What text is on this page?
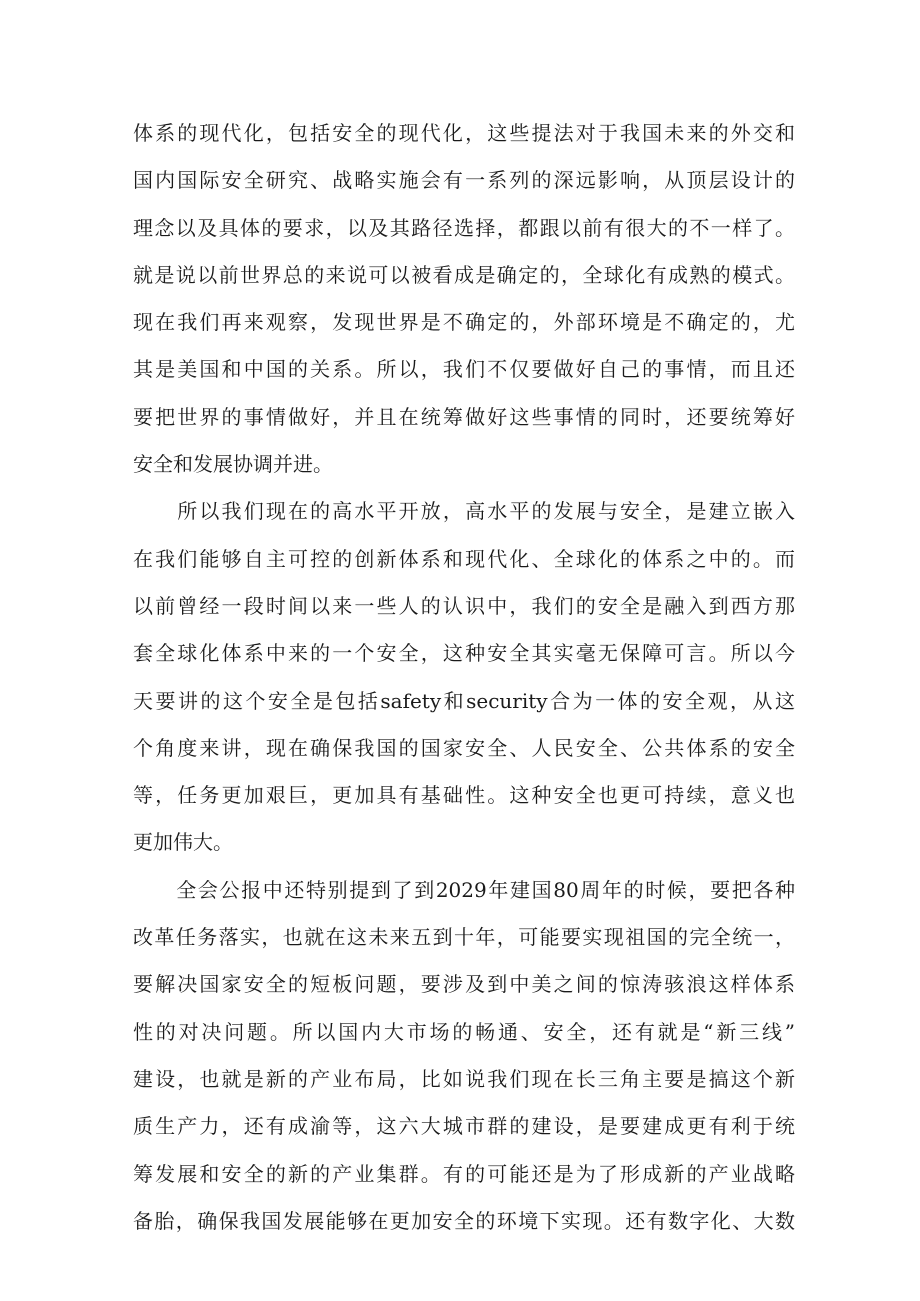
体系的现代化，包括安全的现代化，这些提法对于我国未来的外交和
国内国际安全研究、战略实施会有一系列的深远影响，从顶层设计的
理念以及具体的要求，以及其路径选择，都跟以前有很大的不一样了。
就是说以前世界总的来说可以被看成是确定的，全球化有成熟的模式。
现在我们再来观察，发现世界是不确定的，外部环境是不确定的，尤
其是美国和中国的关系。所以，我们不仅要做好自己的事情，而且还
要把世界的事情做好，并且在统筹做好这些事情的同时，还要统筹好
安全和发展协调并进。
　　所以我们现在的高水平开放，高水平的发展与安全，是建立嵌入
在我们能够自主可控的创新体系和现代化、全球化的体系之中的。而
以前曾经一段时间以来一些人的认识中，我们的安全是融入到西方那
套全球化体系中来的一个安全，这种安全其实毫无保障可言。所以今
天要讲的这个安全是包括safety和security合为一体的安全观，从这
个角度来讲，现在确保我国的国家安全、人民安全、公共体系的安全
等，任务更加艰巨，更加具有基础性。这种安全也更可持续，意义也
更加伟大。
　　全会公报中还特别提到了到2029年建国80周年的时候，要把各种
改革任务落实，也就在这未来五到十年，可能要实现祖国的完全统一，
要解决国家安全的短板问题，要涉及到中美之间的惊涛骇浪这样体系
性的对决问题。所以国内大市场的畅通、安全，还有就是“新三线”
建设，也就是新的产业布局，比如说我们现在长三角主要是搞这个新
质生产力，还有成渝等，这六大城市群的建设，是要建成更有利于统
筹发展和安全的新的产业集群。有的可能还是为了形成新的产业战略
备胎，确保我国发展能够在更加安全的环境下实现。还有数字化、大数
